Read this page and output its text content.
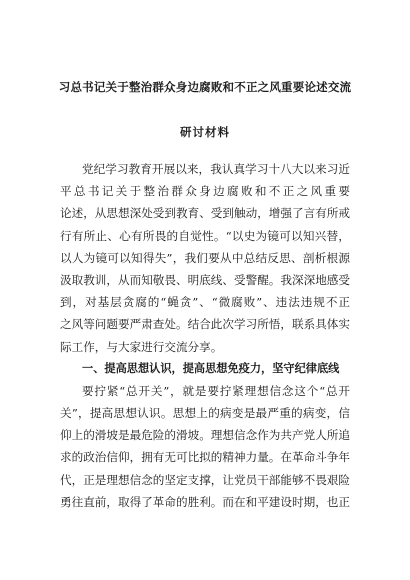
习总书记关于整治群众身边腐败和不正之风重要论述交流
研讨材料
党纪学习教育开展以来，我认真学习十八大以来习近
平总书记关于整治群众身边腐败和不正之风重要
论述，从思想深处受到教育、受到触动，增强了言有所戒
行有所止、心有所畏的自觉性。“以史为镜可以知兴替，
以人为镜可以知得失”，我们要从中总结反思、剖析根源
汲取教训，从而知敬畏、明底线、受警醒。我深深地感受
到，对基层贪腐的“蝇贪”、“微腐败”、违法违规不正
之风等问题要严肃查处。结合此次学习所悟，联系具体实
际工作，与大家进行交流分享。
一、提高思想认识，提高思想免疫力，坚守纪律底线
要拧紧“总开关”，就是要拧紧理想信念这个“总开
关”，提高思想认识。思想上的病变是最严重的病变，信
仰上的滑坡是最危险的滑坡。理想信念作为共产党人所追
求的政治信仰，拥有无可比拟的精神力量。在革命斗争年
代，正是理想信念的坚定支撑，让党员干部能够不畏艰险
勇往直前，取得了革命的胜利。而在和平建设时期，也正
